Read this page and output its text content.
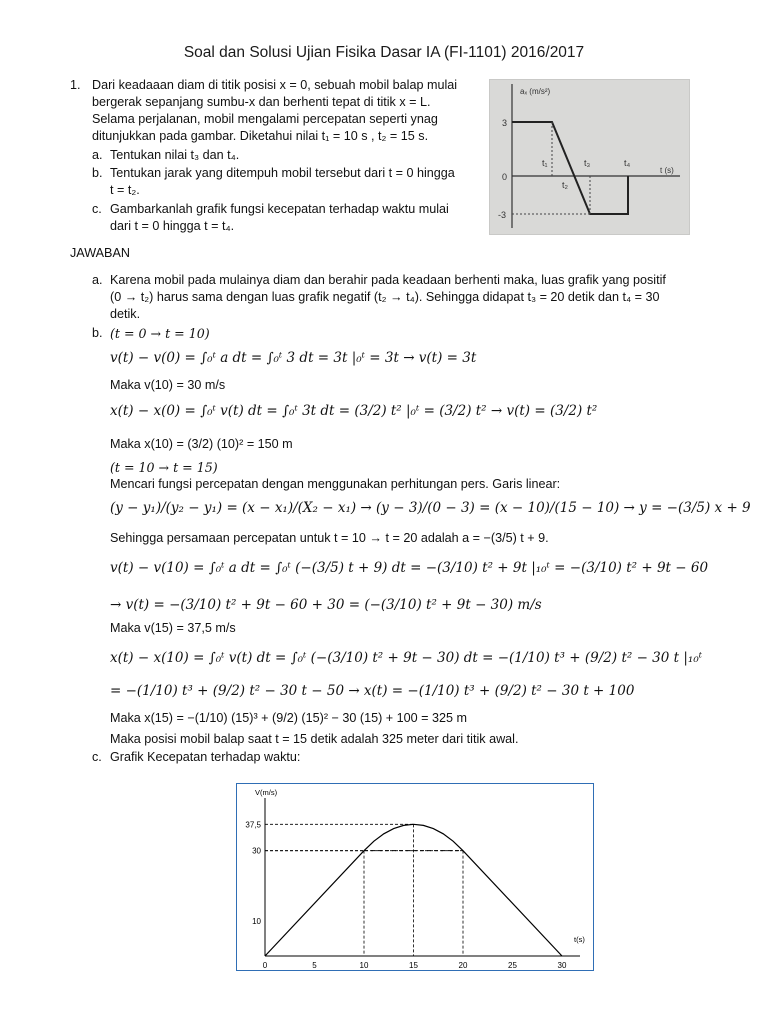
Soal dan Solusi Ujian Fisika Dasar IA (FI-1101) 2016/2017
1. Dari keadaaan diam di titik posisi x = 0, sebuah mobil balap mulai
bergerak sepanjang sumbu-x dan berhenti tepat di titik x = L.
Selama perjalanan, mobil mengalami percepatan seperti ynag
ditunjukkan pada gambar. Diketahui nilai t₁ = 10 s , t₂ = 15 s.
a. Tentukan nilai t₃ dan t₄.
b. Tentukan jarak yang ditempuh mobil tersebut dari t = 0 hingga
t = t₂.
c. Gambarkanlah grafik fungsi kecepatan terhadap waktu mulai
dari t = 0 hingga t = t₄.
aₓ (m/s²)
t (s)
3
0
-3
t₁	t₃	t₄
t₂
JAWABAN
a. Karena mobil pada mulainya diam dan berahir pada keadaan berhenti maka, luas grafik yang positif
(0 → t₂) harus sama dengan luas grafik negatif (t₂ → t₄). Sehingga didapat t₃ = 20 detik dan t₄ = 30
detik.
b. (t = 0 → t = 10)
v(t) − v(0) = ∫₀ᵗ a dt = ∫₀ᵗ 3 dt = 3t |₀ᵗ = 3t → v(t) = 3t
Maka v(10) = 30 m/s
x(t) − x(0) = ∫₀ᵗ v(t) dt = ∫₀ᵗ 3t dt = (3/2) t² |₀ᵗ = (3/2) t² → v(t) = (3/2) t²
Maka x(10) = (3/2) (10)² = 150 m
(t = 10 → t = 15)
Mencari fungsi percepatan dengan menggunakan perhitungan pers. Garis linear:
(y − y₁)/(y₂ − y₁) = (x − x₁)/(X₂ − x₁) → (y − 3)/(0 − 3) = (x − 10)/(15 − 10) → y = −(3/5) x + 9
Sehingga persamaan percepatan untuk t = 10 → t = 20 adalah a = −(3/5) t + 9.
v(t) − v(10) = ∫₀ᵗ a dt = ∫₀ᵗ (−(3/5) t + 9) dt = −(3/10) t² + 9t |₁₀ᵗ = −(3/10) t² + 9t − 60
→ v(t) = −(3/10) t² + 9t − 60 + 30 = (−(3/10) t² + 9t − 30) m/s
Maka v(15) = 37,5 m/s
x(t) − x(10) = ∫₀ᵗ v(t) dt = ∫₀ᵗ (−(3/10) t² + 9t − 30) dt = −(1/10) t³ + (9/2) t² − 30 t |₁₀ᵗ
= −(1/10) t³ + (9/2) t² − 30 t − 50 → x(t) = −(1/10) t³ + (9/2) t² − 30 t + 100
Maka x(15) = −(1/10) (15)³ + (9/2) (15)² − 30 (15) + 100 = 325 m
Maka posisi mobil balap saat t = 15 detik adalah 325 meter dari titik awal.
c. Grafik Kecepatan terhadap waktu:
V(m/s)
t(s)
0	5	10	15	20	25	30
10
30
37,5
